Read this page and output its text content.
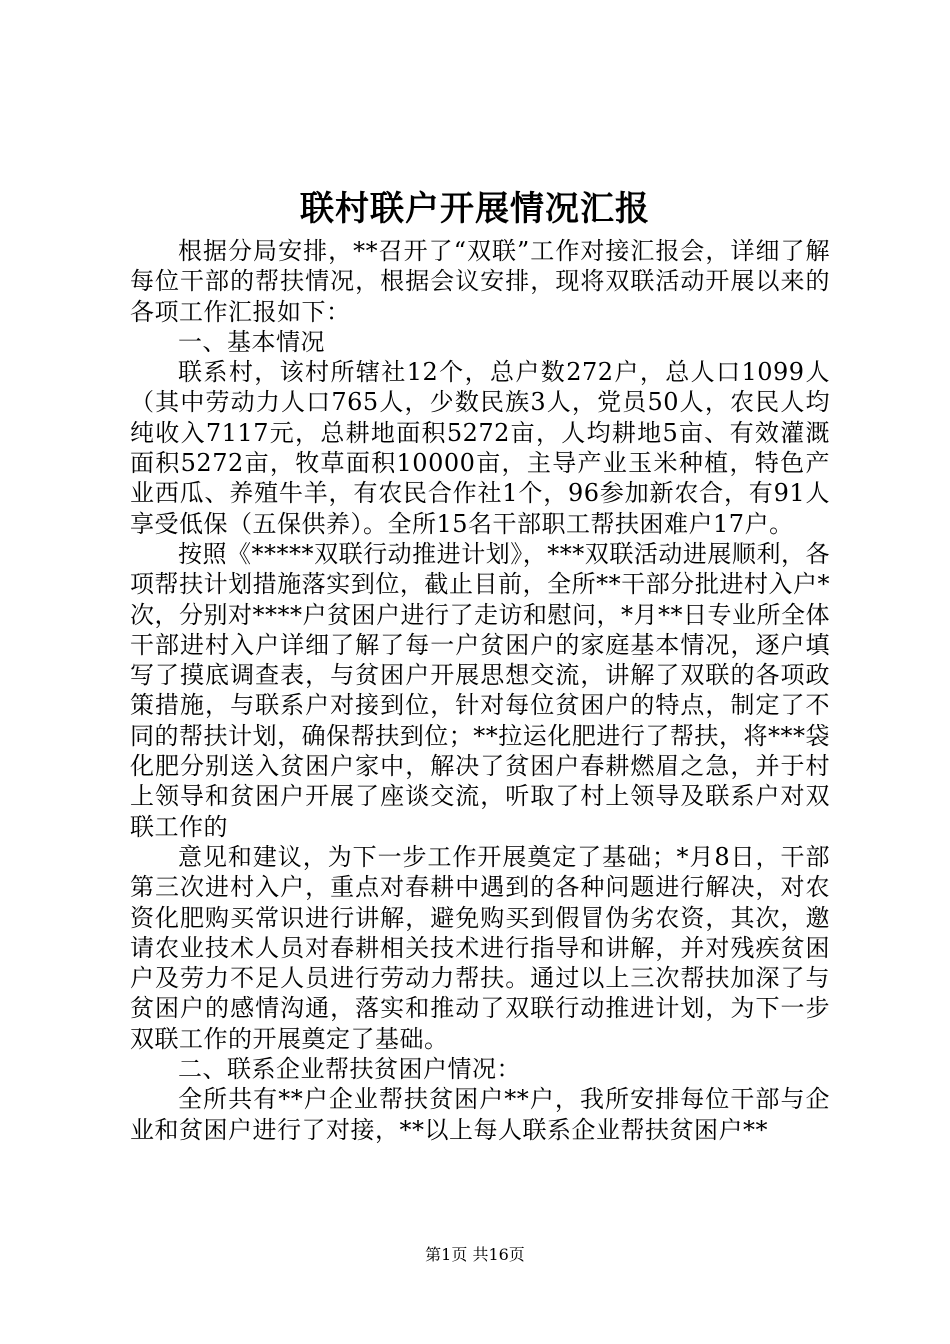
联村联户开展情况汇报

根据分局安排，**召开了“双联”工作对接汇报会，详细了解每位干部的帮扶情况，根据会议安排，现将双联活动开展以来的各项工作汇报如下：

一、基本情况

联系村，该村所辖社12个，总户数272户，总人口1099人（其中劳动力人口765人，少数民族3人，党员50人，农民人均纯收入7117元，总耕地面积5272亩，人均耕地5亩、有效灌溉面积5272亩，牧草面积10000亩，主导产业玉米种植，特色产业西瓜、养殖牛羊，有农民合作社1个，96参加新农合，有91人享受低保（五保供养）。全所15名干部职工帮扶困难户17户。

按照《*****双联行动推进计划》，***双联活动进展顺利，各项帮扶计划措施落实到位，截止目前，全所**干部分批进村入户*次，分别对****户贫困户进行了走访和慰问，*月**日专业所全体干部进村入户详细了解了每一户贫困户的家庭基本情况，逐户填写了摸底调查表，与贫困户开展思想交流，讲解了双联的各项政策措施，与联系户对接到位，针对每位贫困户的特点，制定了不同的帮扶计划，确保帮扶到位；**拉运化肥进行了帮扶，将***袋化肥分别送入贫困户家中，解决了贫困户春耕燃眉之急，并于村上领导和贫困户开展了座谈交流，听取了村上领导及联系户对双联工作的

意见和建议，为下一步工作开展奠定了基础；*月8日，干部第三次进村入户，重点对春耕中遇到的各种问题进行解决，对农资化肥购买常识进行讲解，避免购买到假冒伪劣农资，其次，邀请农业技术人员对春耕相关技术进行指导和讲解，并对残疾贫困户及劳力不足人员进行劳动力帮扶。通过以上三次帮扶加深了与贫困户的感情沟通，落实和推动了双联行动推进计划，为下一步双联工作的开展奠定了基础。

二、联系企业帮扶贫困户情况：

全所共有**户企业帮扶贫困户**户，我所安排每位干部与企业和贫困户进行了对接，**以上每人联系企业帮扶贫困户**

第1页 共16页
